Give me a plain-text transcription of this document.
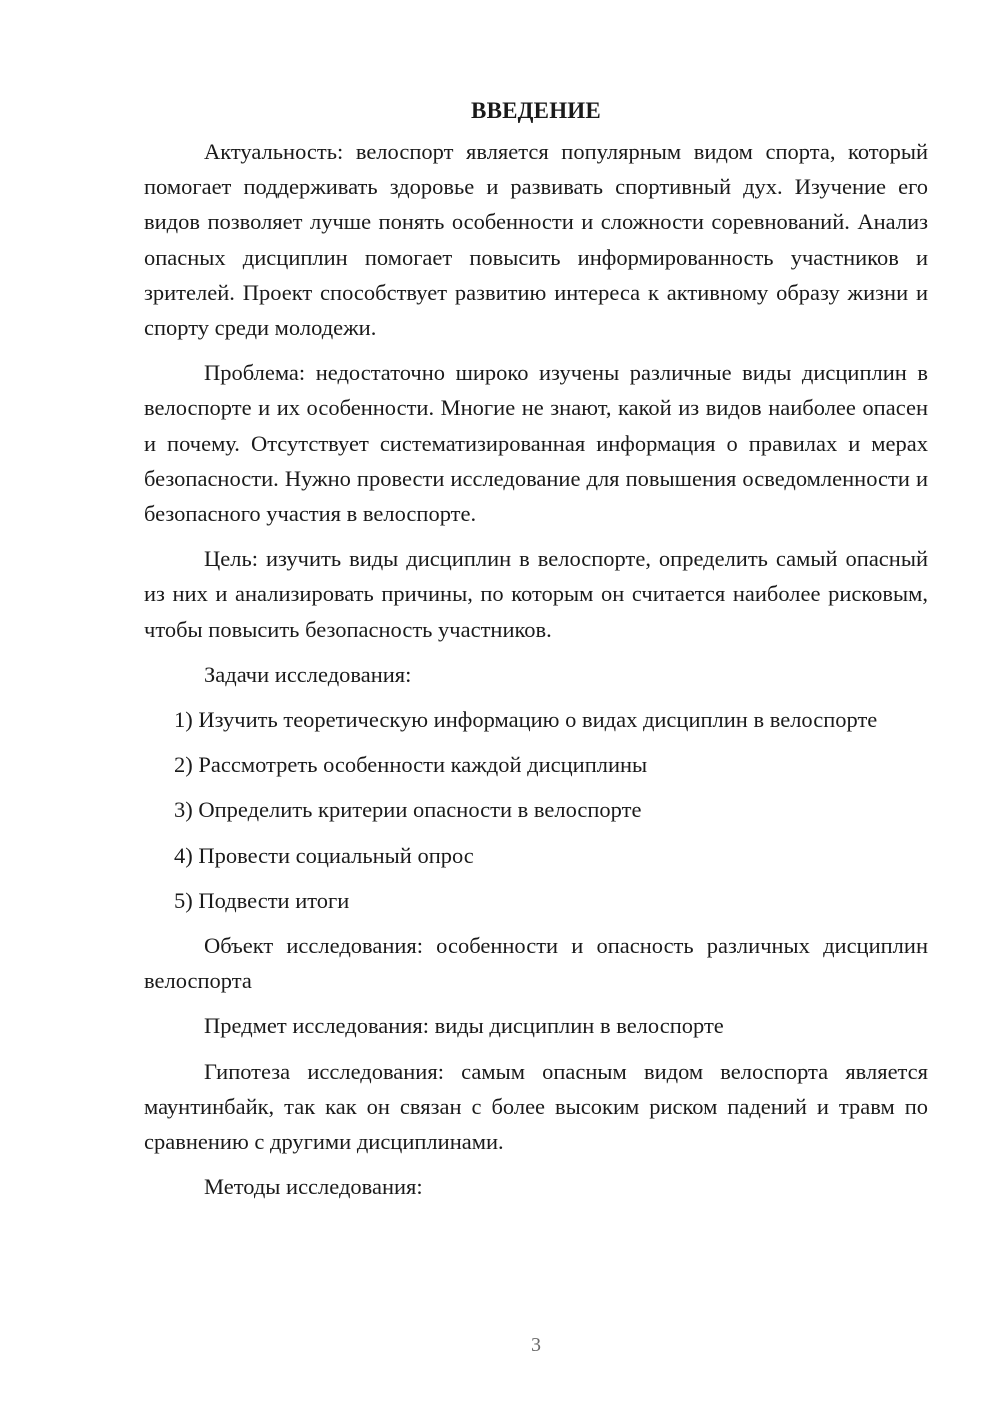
ВВЕДЕНИЕ

Актуальность: велоспорт является популярным видом спорта, который помогает поддерживать здоровье и развивать спортивный дух. Изучение его видов позволяет лучше понять особенности и сложности соревнований. Анализ опасных дисциплин помогает повысить информированность участников и зрителей. Проект способствует развитию интереса к активному образу жизни и спорту среди молодежи.

Проблема: недостаточно широко изучены различные виды дисциплин в велоспорте и их особенности. Многие не знают, какой из видов наиболее опасен и почему. Отсутствует систематизированная информация о правилах и мерах безопасности. Нужно провести исследование для повышения осведомленности и безопасного участия в велоспорте.

Цель: изучить виды дисциплин в велоспорте, определить самый опасный из них и анализировать причины, по которым он считается наиболее рисковым, чтобы повысить безопасность участников.

Задачи исследования:

1) Изучить теоретическую информацию о видах дисциплин в велоспорте

2) Рассмотреть особенности каждой дисциплины

3) Определить критерии опасности в велоспорте

4) Провести социальный опрос

5) Подвести итоги

Объект исследования: особенности и опасность различных дисциплин велоспорта

Предмет исследования: виды дисциплин в велоспорте

Гипотеза исследования: самым опасным видом велоспорта является маунтинбайк, так как он связан с более высоким риском падений и травм по сравнению с другими дисциплинами.

Методы исследования:

3
